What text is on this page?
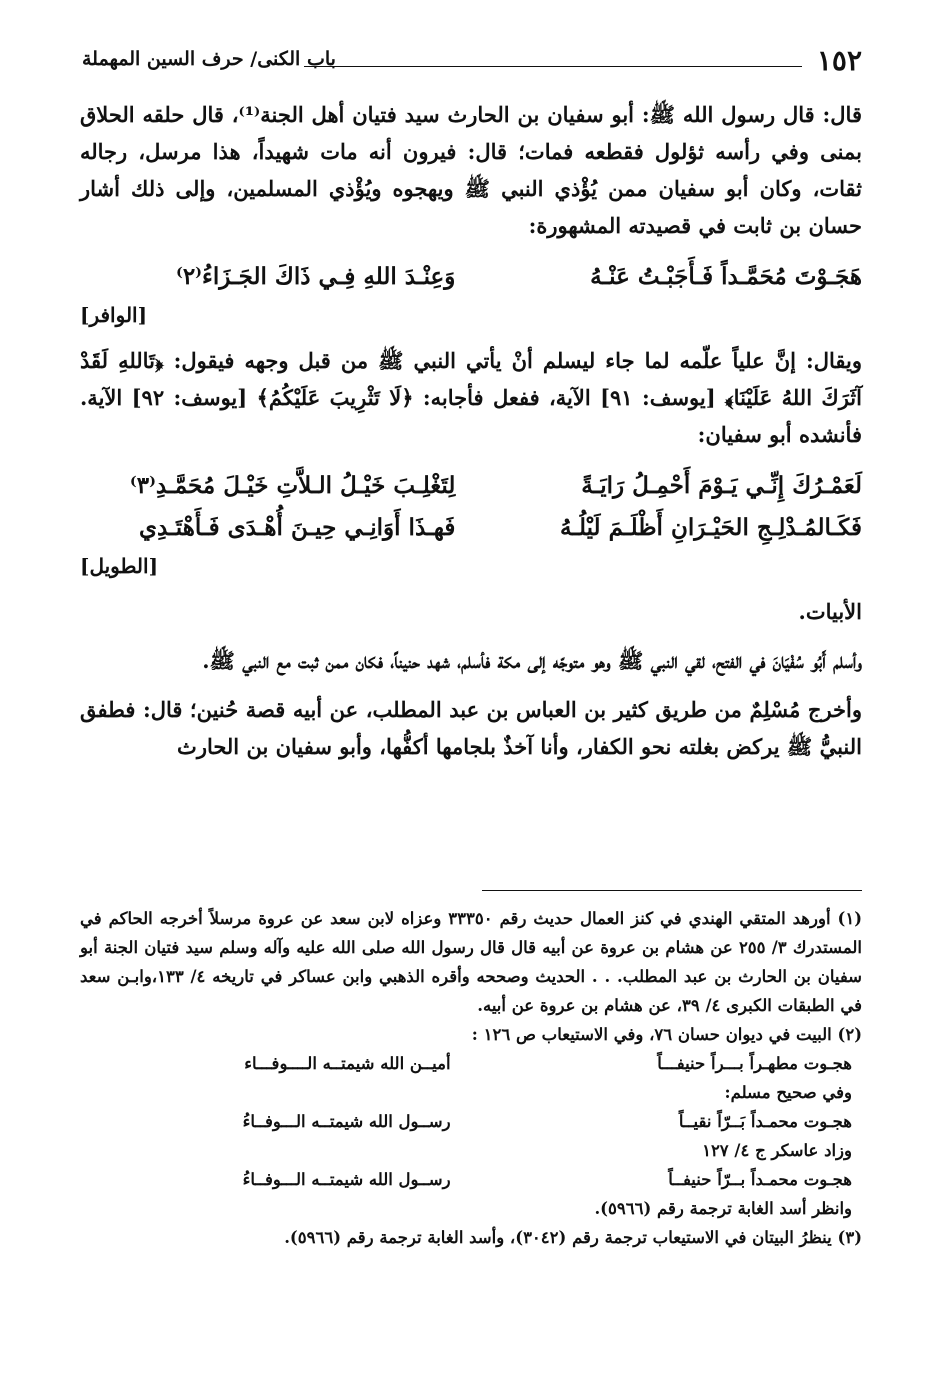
١٥٢
باب الكنى/ حرف السين المهملة

قال: قال رسول الله ﷺ: أبو سفيان بن الحارث سيد فتيان أهل الجنة⁽¹⁾، قال حلقه الحلاق بمنى وفي رأسه ثؤلول فقطعه فمات؛ قال: فيرون أنه مات شهيداً، هذا مرسل، رجاله ثقات، وكان أبو سفيان ممن يُؤْذي النبي ﷺ ويهجوه ويُؤْذي المسلمين، وإلى ذلك أشار حسان بن ثابت في قصيدته المشهورة:

هَجَـوْتَ مُحَمَّـداً فَـأَجَبْـتُ عَنْـهُ
وَعِنْـدَ اللهِ فِـي ذَاكَ الجَـزَاءُ⁽٢⁾
[الوافر]

ويقال: إنَّ علياً علّمه لما جاء ليسلم أنْ يأتي النبي ﷺ من قبل وجهه فيقول: ﴿تَاللهِ لَقَدْ آثَرَكَ اللهُ عَلَيْنَا﴾ [يوسف: ٩١] الآية، ففعل فأجابه: ﴿لَا تَثْرِيبَ عَلَيْكُمُ﴾ [يوسف: ٩٢] الآية. فأنشده أبو سفيان:

لَعَمْـرُكَ إِنِّـي يَـوْمَ أَحْمِـلُ رَايَـةً
لِتَغْلِـبَ خَيْـلُ الـلاَّتِ خَيْـلَ مُحَمَّـدِ⁽٣⁾
فَكَـالمُـدْلِـجِ الحَيْـرَانِ أَظْلَـمَ لَيْلُـهُ
فَهـذَا أَوَانِـي حِيـنَ أُهْـدَى فَـأَهْتَـدِي
[الطويل]

الأبيات.

وأسلم أَبُو سُفْيَانَ في الفتح، لقي النبي ﷺ وهو متوجّه إلى مكة فأسلم، شهد حنيناً، فكان ممن ثبت مع النبي ﷺ.

وأخرج مُسْلِمٌ من طريق كثير بن العباس بن عبد المطلب، عن أبيه قصة حُنين؛ قال: فطفق النبيُّ ﷺ يركض بغلته نحو الكفار، وأنا آخذٌ بلجامها أكفُّها، وأبو سفيان بن الحارث

(١) أورهد المتقي الهندي في كنز العمال حديث رقم ٣٣٣٥٠ وعزاه لابن سعد عن عروة مرسلاً أخرجه الحاكم في المستدرك ٣/ ٢٥٥ عن هشام بن عروة عن أبيه قال قال رسول الله صلى الله عليه وآله وسلم سيد فتيان الجنة أبو سفيان بن الحارث بن عبد المطلب. . . الحديث وصححه وأقره الذهبي وابن عساكر في تاريخه ٤/ ١٣٣،وابـن سعد في الطبقات الكبرى ٤/ ٣٩، عن هشام بن عروة عن أبيه.
(٢) البيت في ديوان حسان ٧٦، وفي الاستيعاب ص ١٢٦ :
هجـوت مطهـراً بـــراً حنيفـــاً
أميــن الله شيمتــه الــــوفـــاء
وفي صحيح مسلم:
هجـوت محمـداً بَــرّاً نقيــاً
رســول الله شيمتــه الـــوفــاءُ
وزاد عاسكر ج ٤/ ١٢٧
هجـوت محمـداً بــرّاً حنيفــاً
رســول الله شيمتــه الـــوفــاءُ
وانظر أسد الغابة ترجمة رقم (٥٩٦٦).
(٣) ينظرُ البيتان في الاستيعاب ترجمة رقم (٣٠٤٢)، وأسد الغابة ترجمة رقم (٥٩٦٦).
